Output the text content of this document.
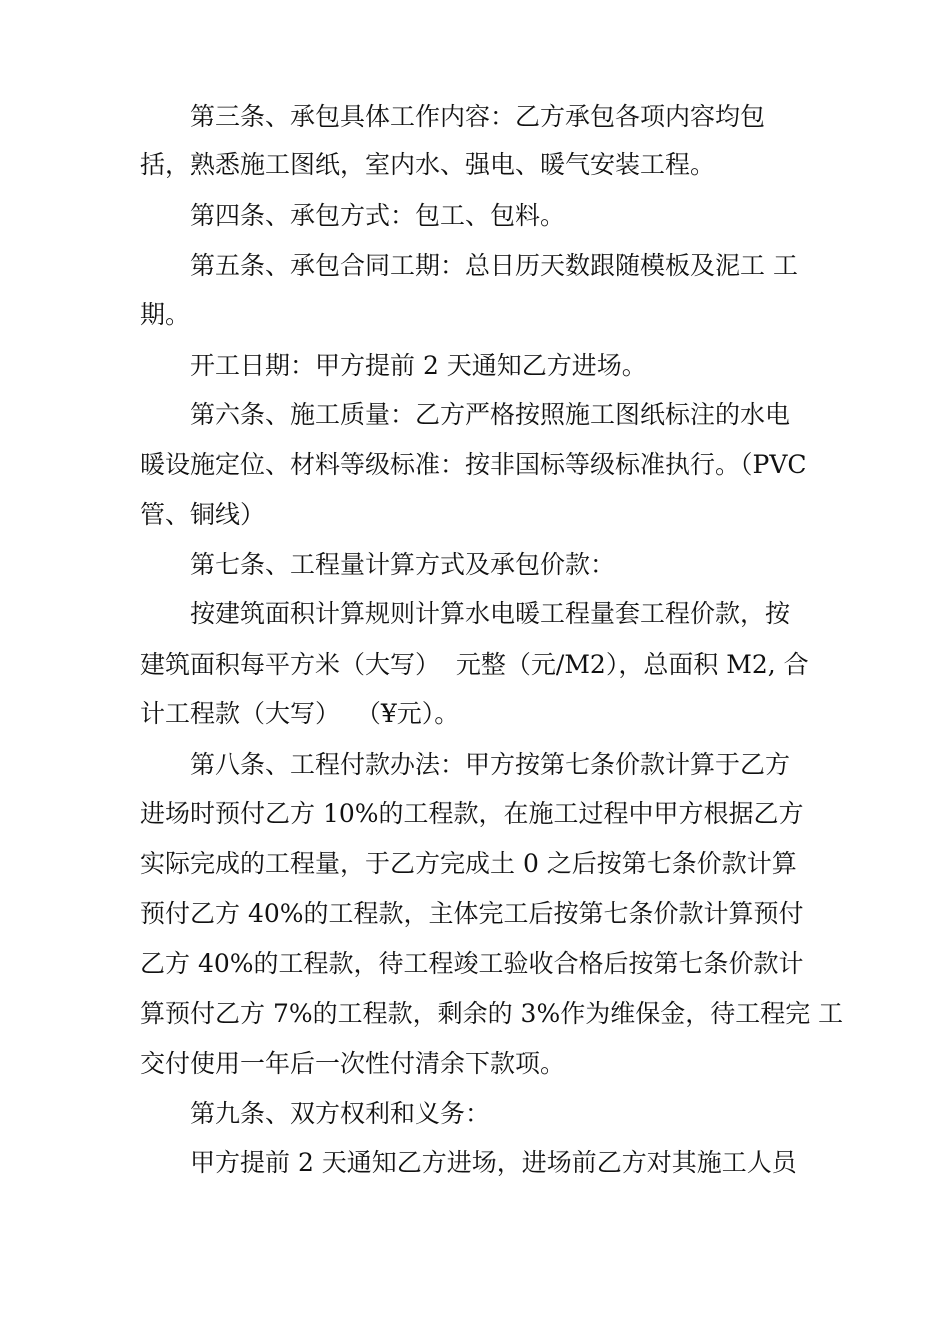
第三条、承包具体工作内容：乙方承包各项内容均包
括，熟悉施工图纸，室内水、强电、暖气安装工程。
第四条、承包方式：包工、包料。
第五条、承包合同工期：总日历天数跟随模板及泥工 工
期。
开工日期：甲方提前 2 天通知乙方进场。
第六条、施工质量：乙方严格按照施工图纸标注的水电
暖设施定位、材料等级标准：按非国标等级标准执行。（PVC
管、铜线）
第七条、工程量计算方式及承包价款：
按建筑面积计算规则计算水电暖工程量套工程价款，按
建筑面积每平方米（大写）  元整（元/M2），总面积 M2, 合
计工程款（大写）  （¥元）。
第八条、工程付款办法：甲方按第七条价款计算于乙方
进场时预付乙方 10%的工程款，在施工过程中甲方根据乙方
实际完成的工程量，于乙方完成土 0 之后按第七条价款计算
预付乙方 40%的工程款，主体完工后按第七条价款计算预付
乙方 40%的工程款，待工程竣工验收合格后按第七条价款计
算预付乙方 7%的工程款，剩余的 3%作为维保金，待工程完 工
交付使用一年后一次性付清余下款项。
第九条、双方权利和义务：
甲方提前 2 天通知乙方进场，进场前乙方对其施工人员
